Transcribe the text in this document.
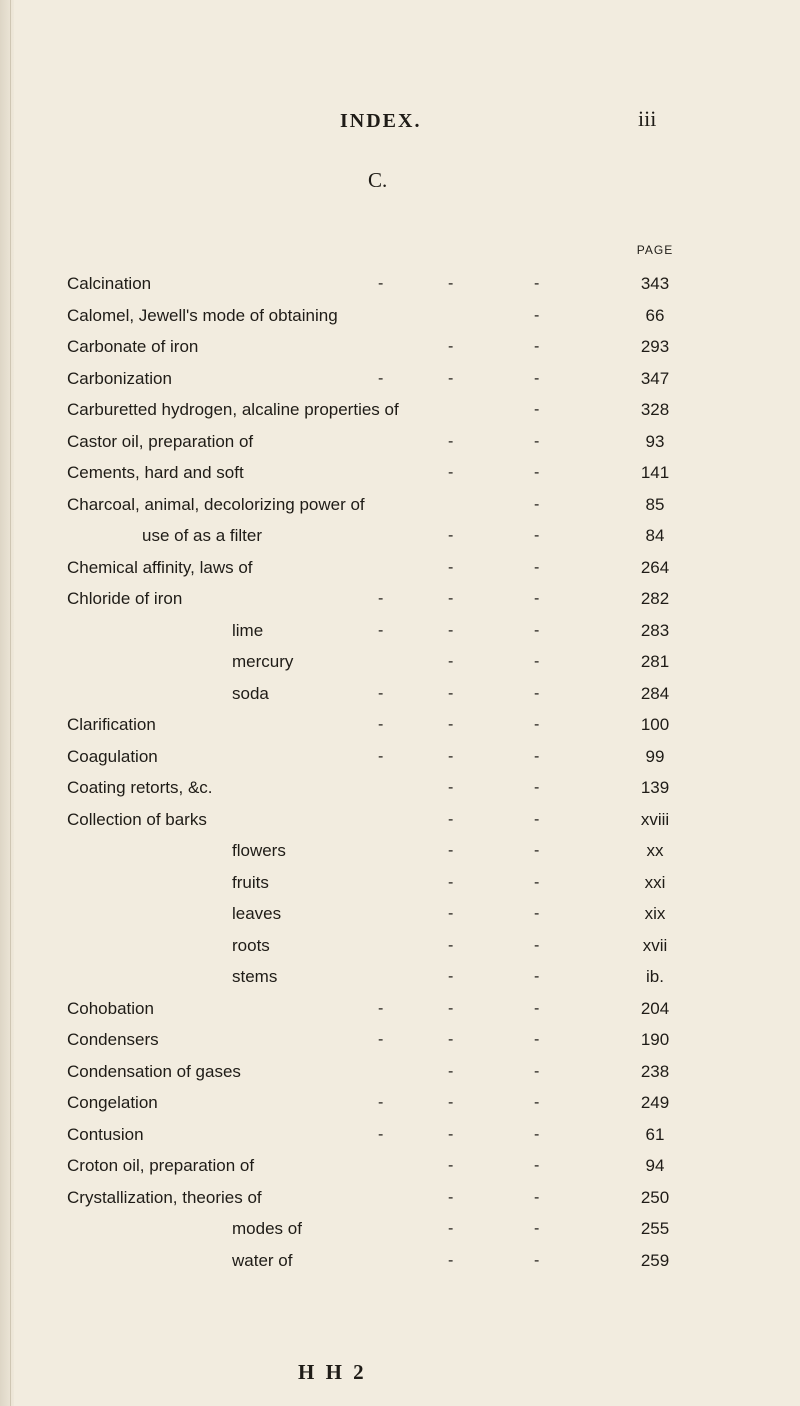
INDEX.	iii
C.
PAGE
Calcination	-	-	-	343
Calomel, Jewell's mode of obtaining	-	66
Carbonate of iron	-	-	293
Carbonization	-	-	-	347
Carburetted hydrogen, alcaline properties of	-	328
Castor oil, preparation of	-	-	93
Cements, hard and soft	-	-	141
Charcoal, animal, decolorizing power of	-	85
use of as a filter	-	-	84
Chemical affinity, laws of	-	-	264
Chloride of iron	-	-	-	282
lime	-	-	-	283
mercury	-	-	281
soda	-	-	-	284
Clarification	-	-	-	100
Coagulation	-	-	-	99
Coating retorts, &c.	-	-	139
Collection of barks	-	-	xviii
flowers	-	-	xx
fruits	-	-	xxi
leaves	-	-	xix
roots	-	-	xvii
stems	-	-	ib.
Cohobation	-	-	-	204
Condensers	-	-	-	190
Condensation of gases	-	-	238
Congelation	-	-	-	249
Contusion	-	-	-	61
Croton oil, preparation of	-	-	94
Crystallization, theories of	-	-	250
modes of	-	-	255
water of	-	-	259
H H 2
